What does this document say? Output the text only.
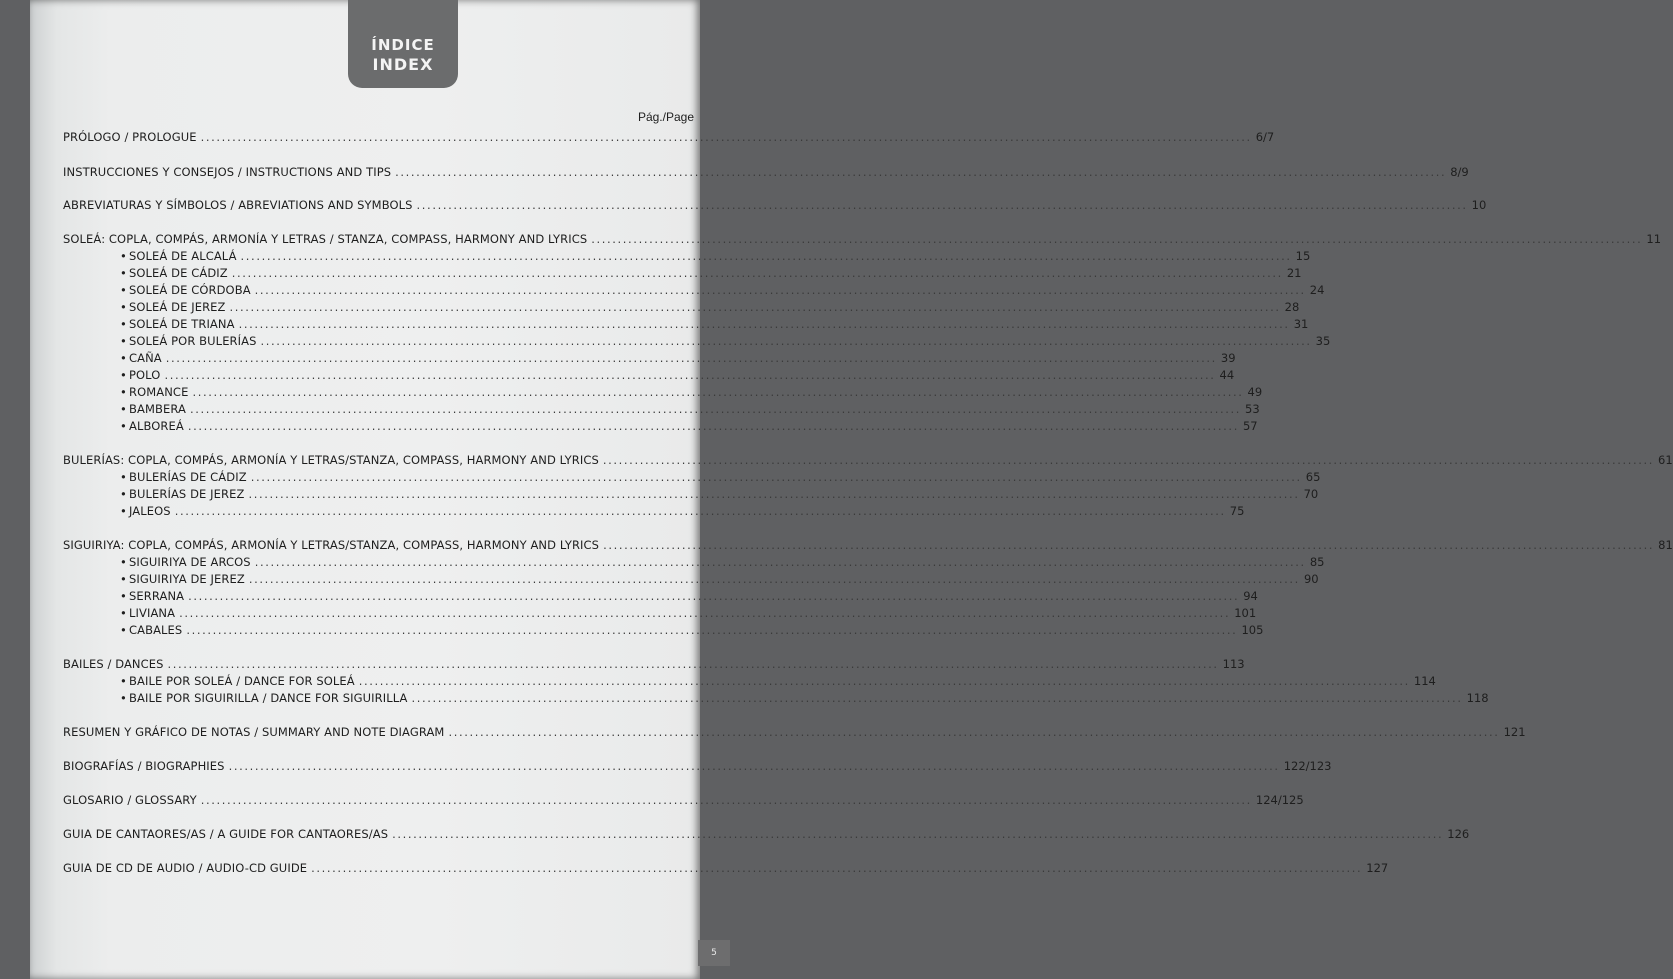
ÍNDICE
INDEX
Pág./Page
PRÓLOGO / PROLOGUE .....	6/7
INSTRUCCIONES Y CONSEJOS / INSTRUCTIONS AND TIPS .....	8/9
ABREVIATURAS Y SÍMBOLOS / ABREVIATIONS AND SYMBOLS .....	10
SOLEÁ: COPLA, COMPÁS, ARMONÍA Y LETRAS / STANZA, COMPASS, HARMONY AND LYRICS .....	11
• SOLEÁ DE ALCALÁ .....	15
• SOLEÁ DE CÁDIZ .....	21
• SOLEÁ DE CÓRDOBA .....	24
• SOLEÁ DE JEREZ .....	28
• SOLEÁ DE TRIANA .....	31
• SOLEÁ POR BULERÍAS .....	35
• CAÑA .....	39
• POLO .....	44
• ROMANCE .....	49
• BAMBERA .....	53
• ALBOREÁ .....	57
BULERÍAS: COPLA, COMPÁS, ARMONÍA Y LETRAS/STANZA, COMPASS, HARMONY AND LYRICS .....	61
• BULERÍAS DE CÁDIZ .....	65
• BULERÍAS DE JEREZ .....	70
• JALEOS .....	75
SIGUIRIYA: COPLA, COMPÁS, ARMONÍA Y LETRAS/STANZA, COMPASS, HARMONY AND LYRICS .....	81
• SIGUIRIYA DE ARCOS .....	85
• SIGUIRIYA DE JEREZ .....	90
• SERRANA .....	94
• LIVIANA .....	101
• CABALES .....	105
BAILES / DANCES .....	113
• BAILE POR SOLEÁ / DANCE FOR SOLEÁ .....	114
• BAILE POR SIGUIRILLA / DANCE FOR SIGUIRILLA .....	118
RESUMEN Y GRÁFICO DE NOTAS / SUMMARY AND NOTE DIAGRAM .....	121
BIOGRAFÍAS / BIOGRAPHIES .....	122/123
GLOSARIO / GLOSSARY .....	124/125
GUIA DE CANTAORES/AS / A GUIDE FOR CANTAORES/AS .....	126
GUIA DE CD DE AUDIO / AUDIO-CD GUIDE .....	127
5
